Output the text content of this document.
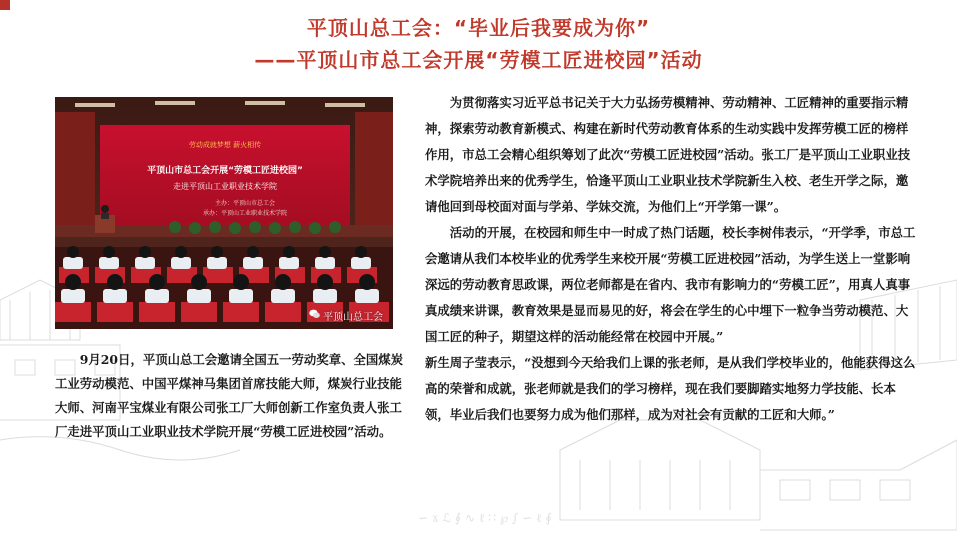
∽ ɤ ℒ ∮ ∿ ℓ ∷ ℘ ∫ ∽ ℓ ∮
平顶山总工会：“毕业后我要成为你”
——平顶山市总工会开展“劳模工匠进校园”活动
劳动成就梦想 薪火相传
平顶山市总工会开展“劳模工匠进校园”
走进平顶山工业职业技术学院
主办：平顶山市总工会
承办：平顶山工业职业技术学院
平顶山总工会

9月20日，平顶山总工会邀请全国五一劳动奖章、全国煤炭工业劳动模范、中国平煤神马集团首席技能大师，煤炭行业技能大师、河南平宝煤业有限公司张工厂大师创新工作室负责人张工厂走进平顶山工业职业技术学院开展“劳模工匠进校园”活动。

为贯彻落实习近平总书记关于大力弘扬劳模精神、劳动精神、工匠精神的重要指示精神，探索劳动教育新模式、构建在新时代劳动教育体系的生动实践中发挥劳模工匠的榜样作用，市总工会精心组织筹划了此次“劳模工匠进校园”活动。张工厂是平顶山工业职业技术学院培养出来的优秀学生，恰逢平顶山工业职业技术学院新生入校、老生开学之际，邀请他回到母校面对面与学弟、学妹交流，为他们上“开学第一课”。

活动的开展，在校园和师生中一时成了热门话题，校长李树伟表示，“开学季，市总工会邀请从我们本校毕业的优秀学生来校开展“劳模工匠进校园”活动，为学生送上一堂影响深远的劳动教育思政课，两位老师都是在省内、我市有影响力的“劳模工匠”，用真人真事真成绩来讲课，教育效果是显而易见的好，将会在学生的心中埋下一粒争当劳动模范、大国工匠的种子，期望这样的活动能经常在校园中开展。”

新生周子莹表示，“没想到今天给我们上课的张老师，是从我们学校毕业的，他能获得这么高的荣誉和成就，张老师就是我们的学习榜样，现在我们要脚踏实地努力学技能、长本领，毕业后我们也要努力成为他们那样，成为对社会有贡献的工匠和大师。”
